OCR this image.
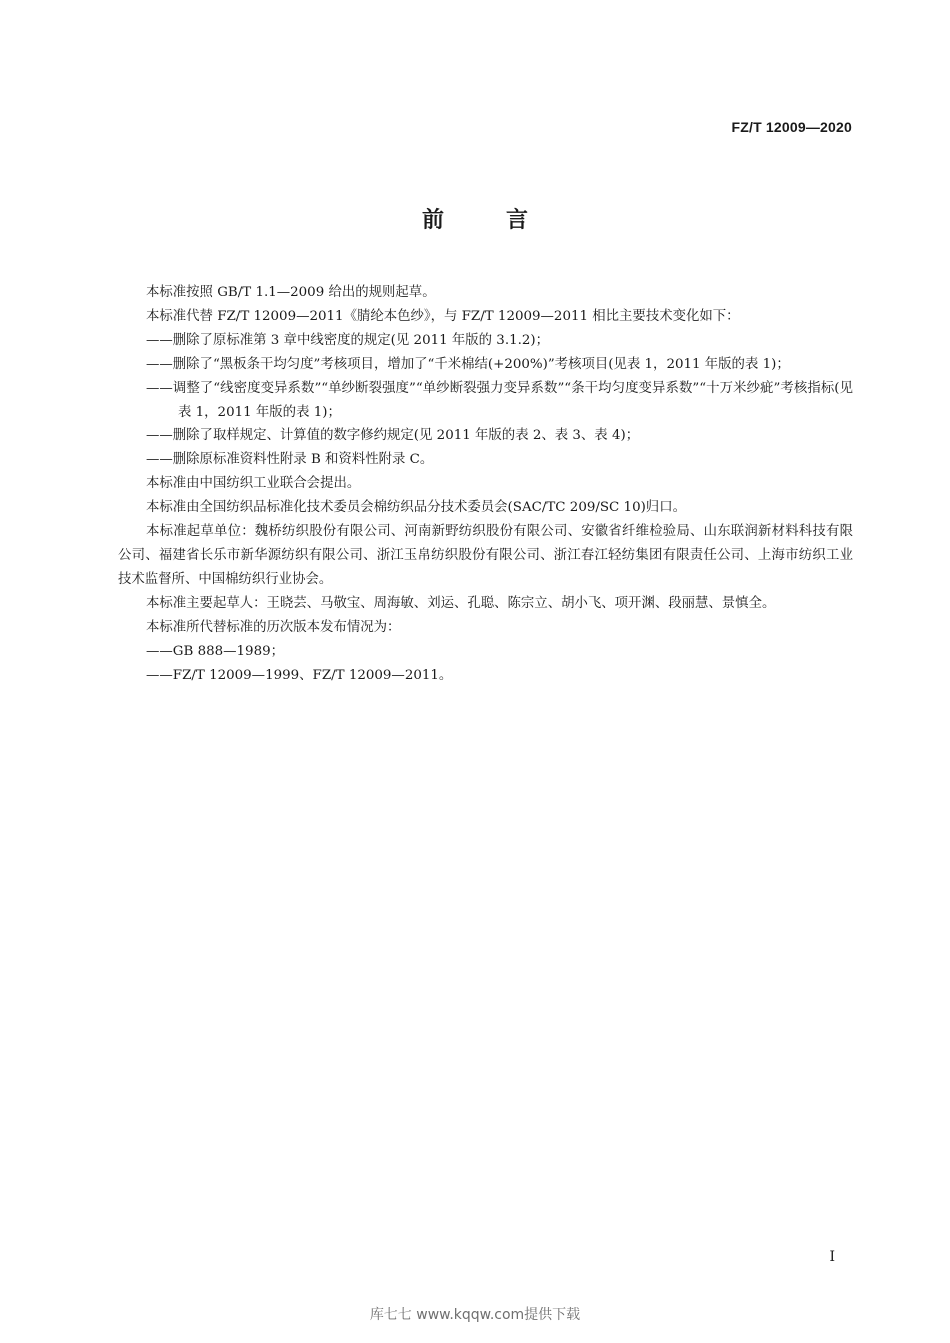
FZ/T 12009—2020
前言

本标准按照 GB/T 1.1—2009 给出的规则起草。

本标准代替 FZ/T 12009—2011《腈纶本色纱》，与 FZ/T 12009—2011 相比主要技术变化如下：

——删除了原标准第 3 章中线密度的规定(见 2011 年版的 3.1.2)；

——删除了“黑板条干均匀度”考核项目，增加了“千米棉结(+200%)”考核项目(见表 1，2011 年版的表 1)；

——调整了“线密度变异系数”“单纱断裂强度”“单纱断裂强力变异系数”“条干均匀度变异系数”“十万米纱疵”考核指标(见表 1，2011 年版的表 1)；

——删除了取样规定、计算值的数字修约规定(见 2011 年版的表 2、表 3、表 4)；

——删除原标准资料性附录 B 和资料性附录 C。

本标准由中国纺织工业联合会提出。

本标准由全国纺织品标准化技术委员会棉纺织品分技术委员会(SAC/TC 209/SC 10)归口。

本标准起草单位：魏桥纺织股份有限公司、河南新野纺织股份有限公司、安徽省纤维检验局、山东联润新材料科技有限公司、福建省长乐市新华源纺织有限公司、浙江玉帛纺织股份有限公司、浙江春江轻纺集团有限责任公司、上海市纺织工业技术监督所、中国棉纺织行业协会。

本标准主要起草人：王晓芸、马敬宝、周海敏、刘运、孔聪、陈宗立、胡小飞、项开渊、段丽慧、景慎全。

本标准所代替标准的历次版本发布情况为：

——GB 888—1989；

——FZ/T 12009—1999、FZ/T 12009—2011。

I
库七七 www.kqqw.com提供下载
